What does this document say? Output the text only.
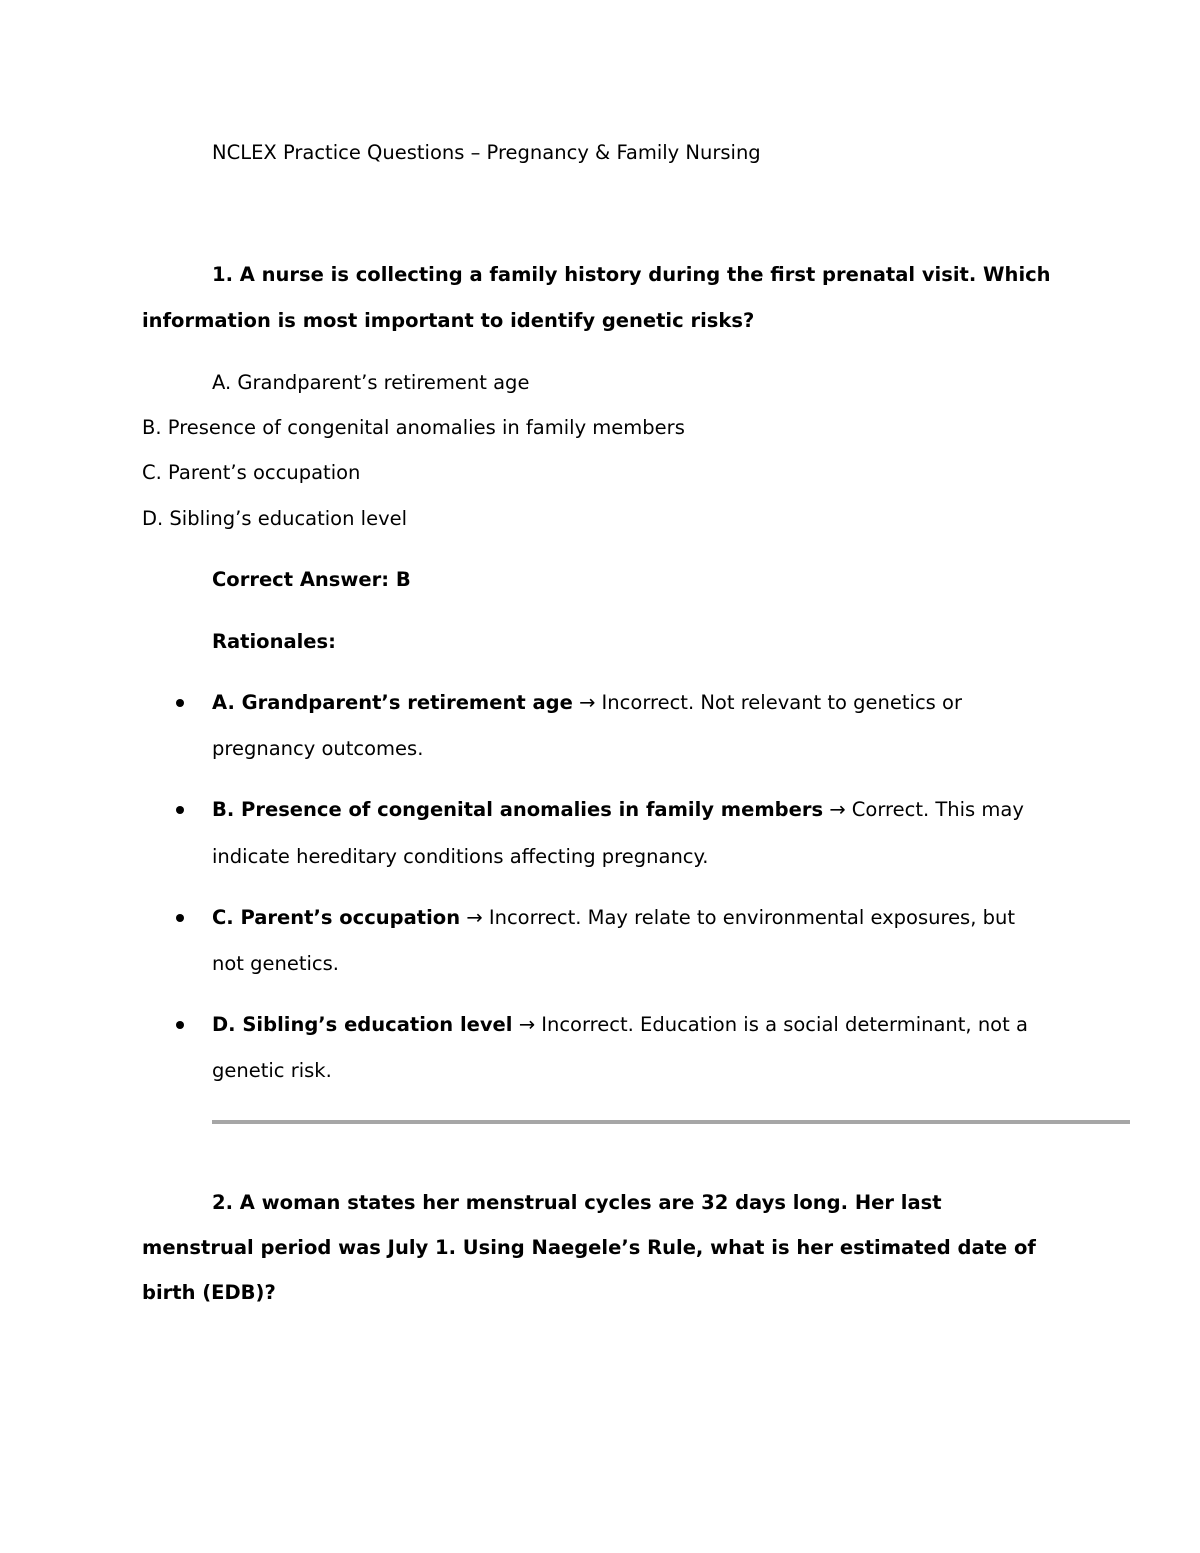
NCLEX Practice Questions – Pregnancy & Family Nursing
1. A nurse is collecting a family history during the first prenatal visit. Which
information is most important to identify genetic risks?
A. Grandparent’s retirement age
B. Presence of congenital anomalies in family members
C. Parent’s occupation
D. Sibling’s education level
Correct Answer: B
Rationales:
A. Grandparent’s retirement age → Incorrect. Not relevant to genetics or
pregnancy outcomes.
B. Presence of congenital anomalies in family members → Correct. This may
indicate hereditary conditions affecting pregnancy.
C. Parent’s occupation → Incorrect. May relate to environmental exposures, but
not genetics.
D. Sibling’s education level → Incorrect. Education is a social determinant, not a
genetic risk.
2. A woman states her menstrual cycles are 32 days long. Her last
menstrual period was July 1. Using Naegele’s Rule, what is her estimated date of
birth (EDB)?
